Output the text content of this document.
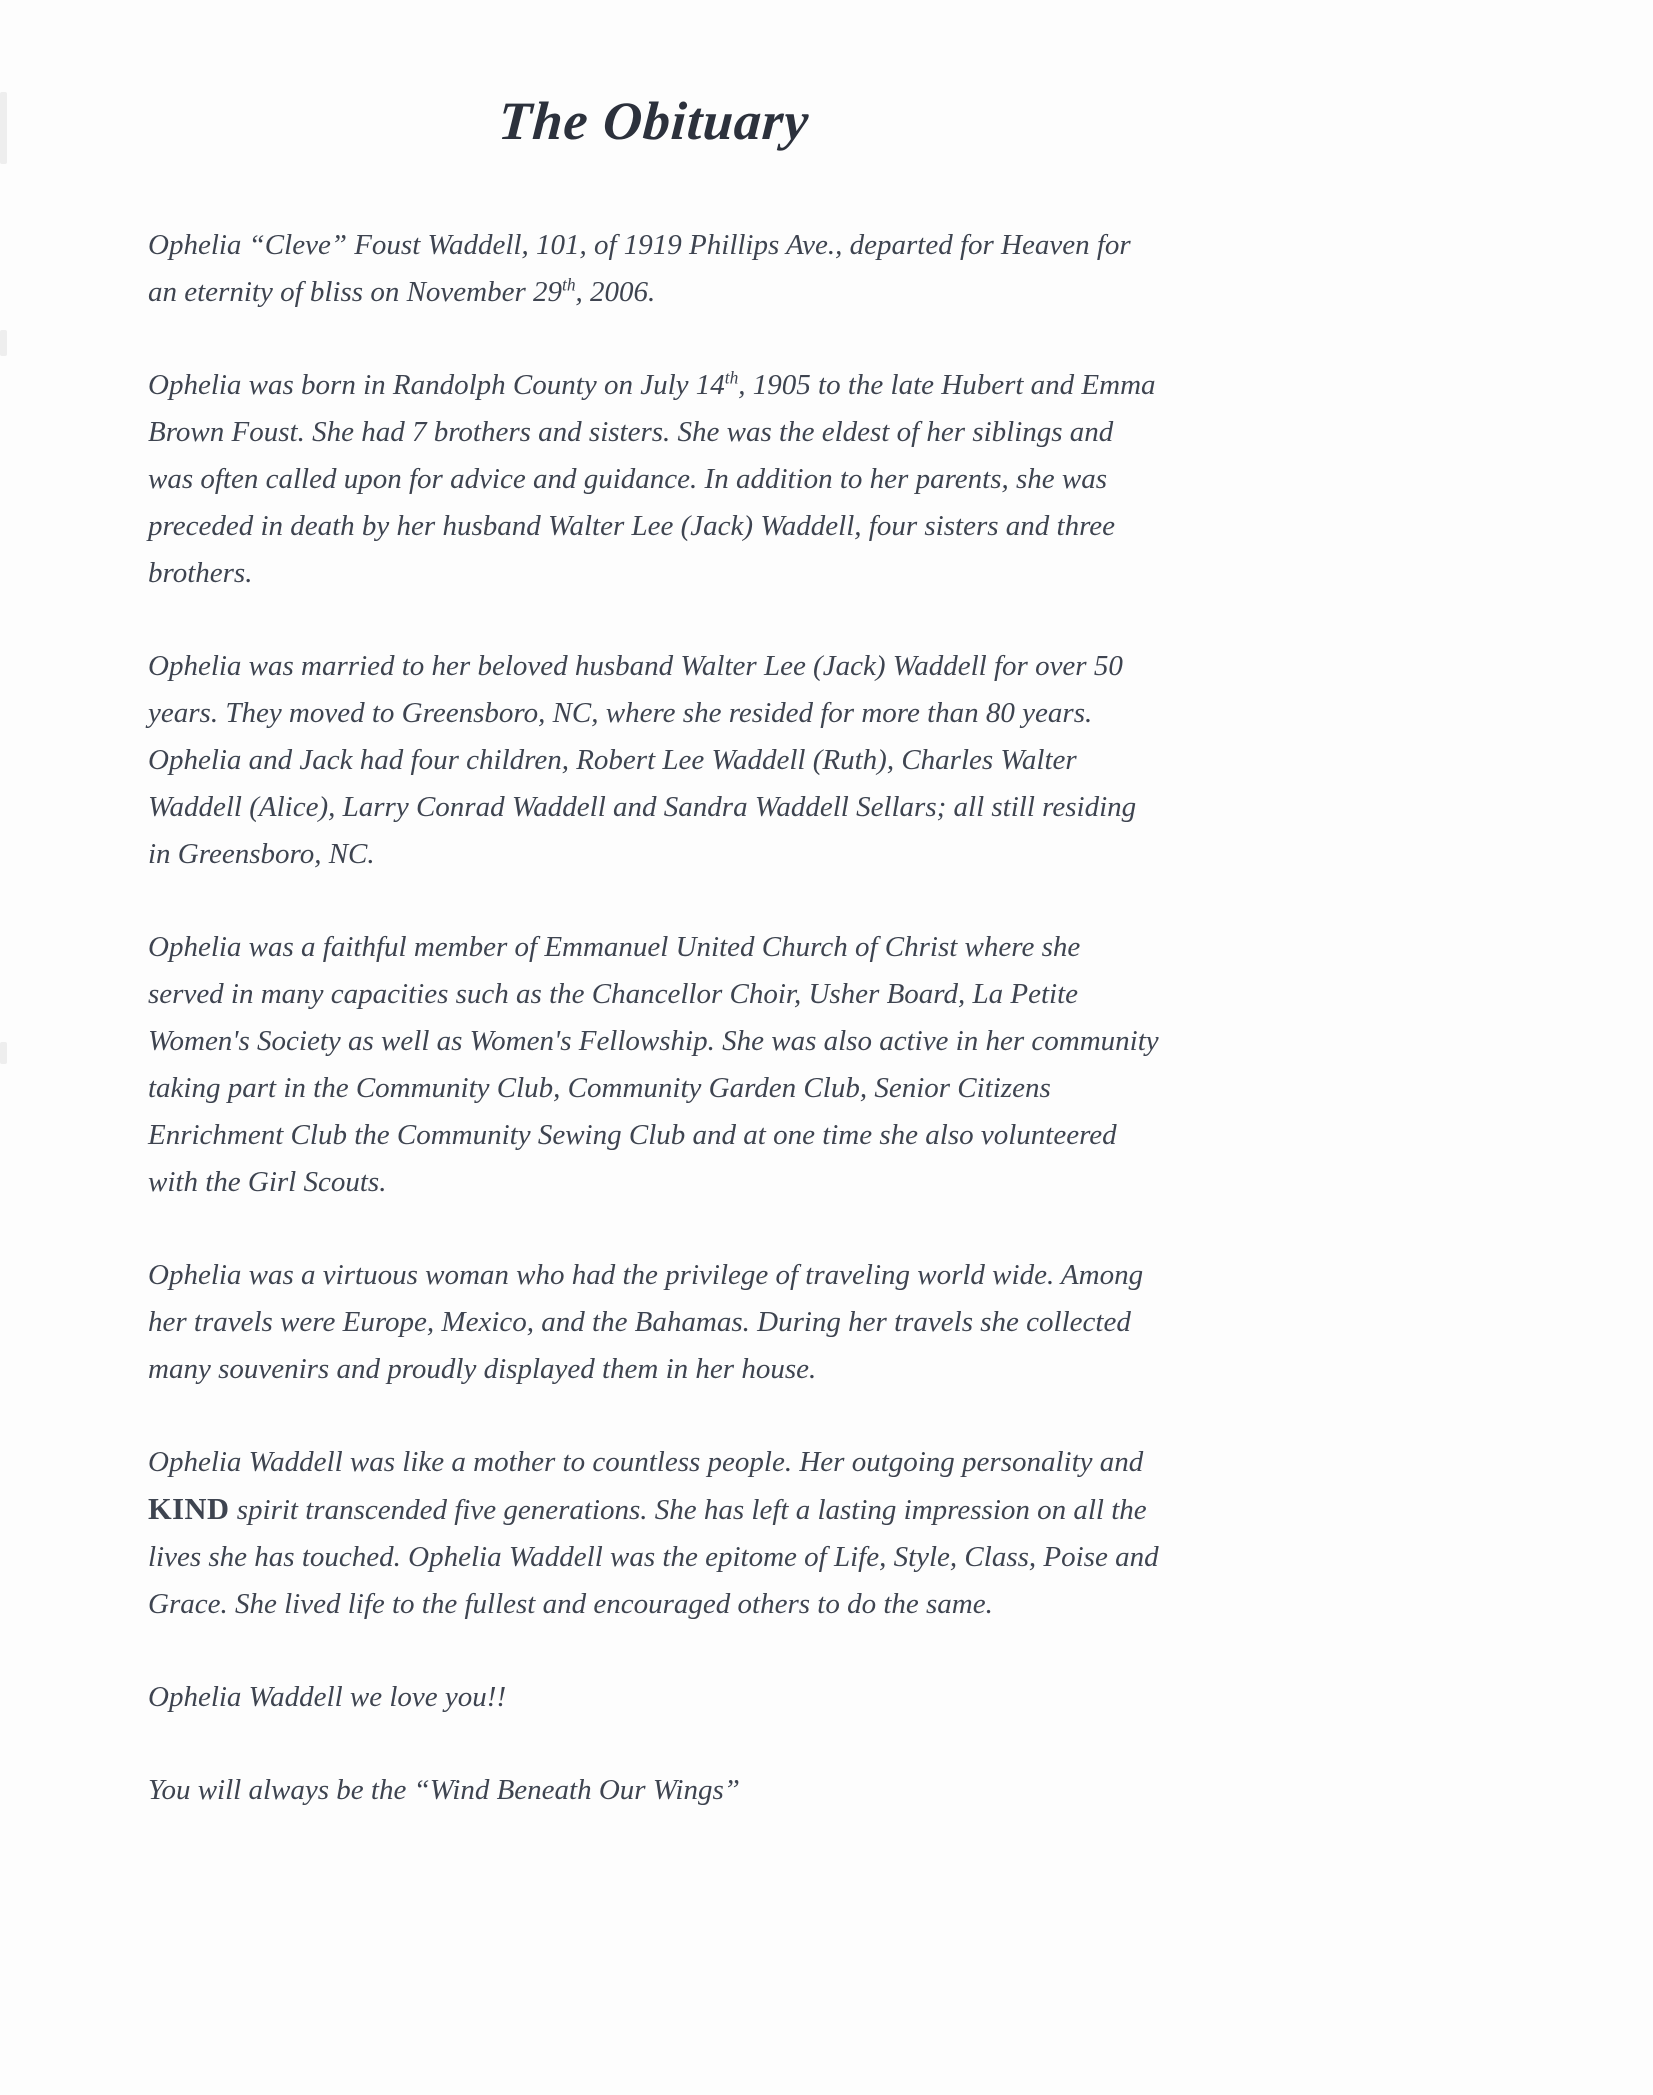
The Obituary

Ophelia “Cleve” Foust Waddell, 101, of 1919 Phillips Ave., departed for Heaven for an eternity of bliss on November 29th, 2006.

Ophelia was born in Randolph County on July 14th, 1905 to the late Hubert and Emma Brown Foust. She had 7 brothers and sisters. She was the eldest of her siblings and was often called upon for advice and guidance. In addition to her parents, she was preceded in death by her husband Walter Lee (Jack) Waddell, four sisters and three brothers.

Ophelia was married to her beloved husband Walter Lee (Jack) Waddell for over 50 years. They moved to Greensboro, NC, where she resided for more than 80 years. Ophelia and Jack had four children, Robert Lee Waddell (Ruth), Charles Walter Waddell (Alice), Larry Conrad Waddell and Sandra Waddell Sellars; all still residing in Greensboro, NC.

Ophelia was a faithful member of Emmanuel United Church of Christ where she served in many capacities such as the Chancellor Choir, Usher Board, La Petite Women's Society as well as Women's Fellowship. She was also active in her community taking part in the Community Club, Community Garden Club, Senior Citizens Enrichment Club the Community Sewing Club and at one time she also volunteered with the Girl Scouts.

Ophelia was a virtuous woman who had the privilege of traveling world wide. Among her travels were Europe, Mexico, and the Bahamas. During her travels she collected many souvenirs and proudly displayed them in her house.

Ophelia Waddell was like a mother to countless people. Her outgoing personality and KIND spirit transcended five generations. She has left a lasting impression on all the lives she has touched. Ophelia Waddell was the epitome of Life, Style, Class, Poise and Grace. She lived life to the fullest and encouraged others to do the same.

Ophelia Waddell we love you!!

You will always be the “Wind Beneath Our Wings”
